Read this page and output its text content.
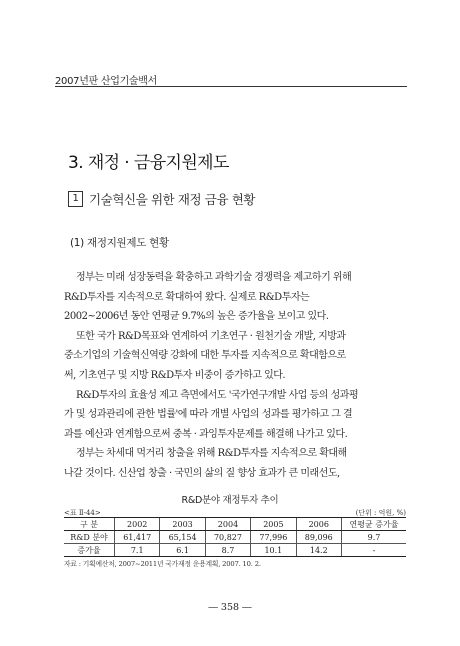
2007년판 산업기술백서
3. 재정 · 금융지원제도
1 기술혁신을 위한 재정 금융 현황
(1) 재정지원제도 현황
정부는 미래 성장동력을 확충하고 과학기술 경쟁력을 제고하기 위해
R&D투자를 지속적으로 확대하여 왔다. 실제로 R&D투자는
2002~2006년 동안 연평균 9.7%의 높은 증가율을 보이고 있다.
또한 국가 R&D목표와 연계하여 기초연구 · 원천기술 개발, 지방과
중소기업의 기술혁신역량 강화에 대한 투자를 지속적으로 확대함으로
써, 기초연구 및 지방 R&D투자 비중이 증가하고 있다.
R&D투자의 효율성 제고 측면에서도 '국가연구개발 사업 등의 성과평
가 및 성과관리에 관한 법률'에 따라 개별 사업의 성과를 평가하고 그 결
과를 예산과 연계함으로써 중복 · 과잉투자문제를 해결해 나가고 있다.
정부는 차세대 먹거리 창출을 위해 R&D투자를 지속적으로 확대해
나갈 것이다. 신산업 창출 · 국민의 삶의 질 향상 효과가 큰 미래선도,
R&D분야 재정투자 추이
<표 Ⅱ-44>	(단위 : 억원, %)
구 분	2002	2003	2004	2005	2006	연평균 증가율
R&D 분야	61,417	65,154	70,827	77,996	89,096	9.7
증가율	7.1	6.1	8.7	10.1	14.2	-
자료 : 기획예산처, 2007~2011년 국가재정 운용계획, 2007. 10. 2.
― 358 ―
